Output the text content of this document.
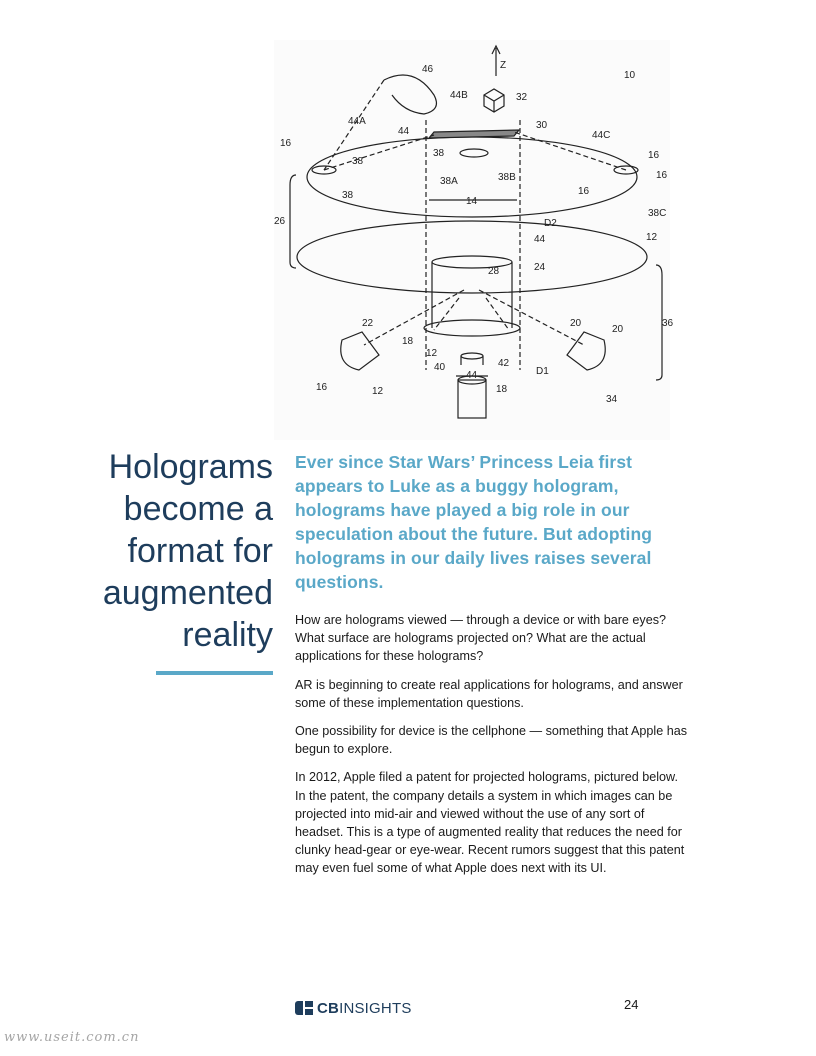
46	Z
10
44B	32
44A
44
30
44C
16
38
38	16
16
38
38A	38B
16
38C
26
14
D2
44	12
28	24
22	20
20
18
36
12
42
40
44	D1
16	12	18
34
Holograms
become a
format for
augmented
reality

Ever since Star Wars’ Princess Leia first appears to Luke as a buggy hologram, holograms have played a big role in our speculation about the future. But adopting holograms in our daily lives raises several questions.

How are holograms viewed — through a device or with bare eyes? What surface are holograms projected on? What are the actual applications for these holograms?

AR is beginning to create real applications for holograms, and answer some of these implementation questions.

One possibility for device is the cellphone — something that Apple has begun to explore.

In 2012, Apple filed a patent for projected holograms, pictured below. In the patent, the company details a system in which images can be projected into mid-air and viewed without the use of any sort of headset. This is a type of augmented reality that reduces the need for clunky head-gear or eye-wear. Recent rumors suggest that this patent may even fuel some of what Apple does next with its UI.

CBINSIGHTS	24
www.useit.com.cn
